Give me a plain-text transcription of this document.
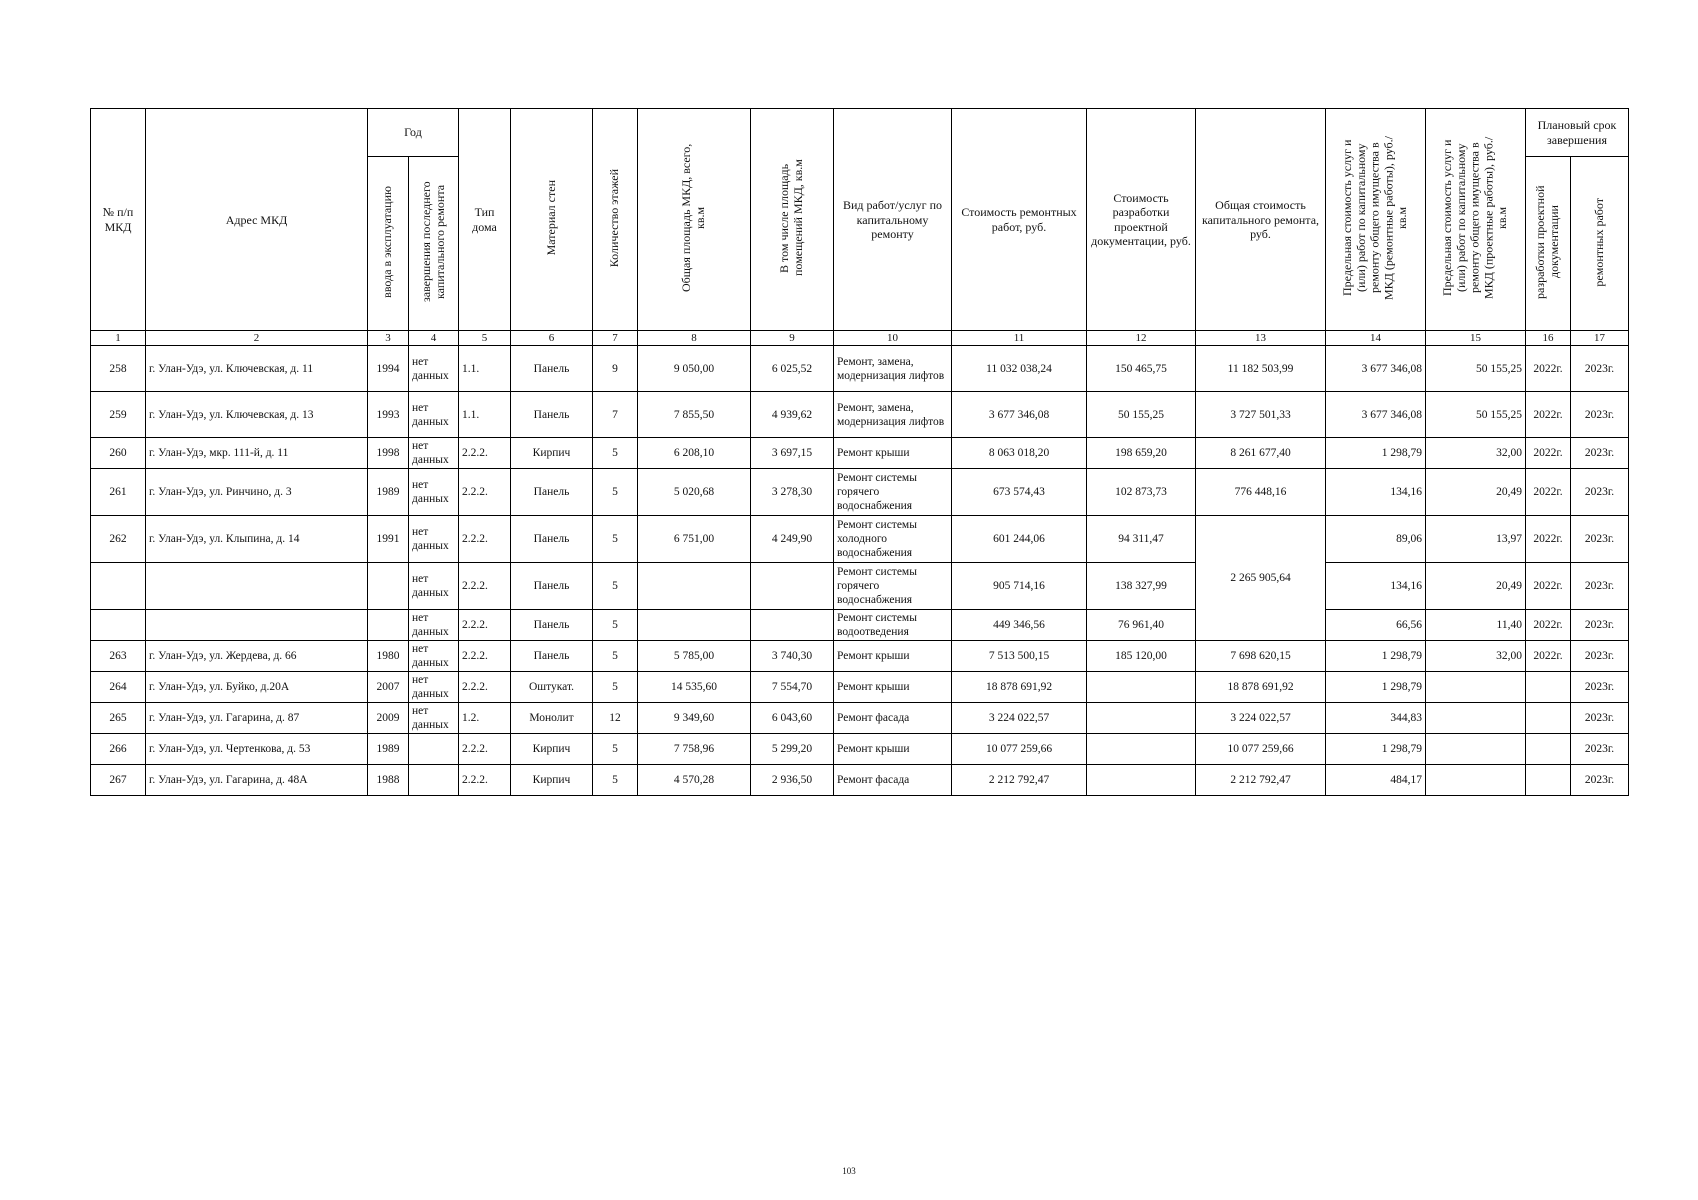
№ п/п МКД	Адрес МКД	Год		Тип дома	Материал стен	Количество этажей	Общая площадь МКД, всего, кв.м	В том числе площадь помещений МКД, кв.м	Вид работ/услуг по капитальному ремонту	Стоимость ремонтных работ, руб.	Стоимость разработки проектной документации, руб.	Общая стоимость капитального ремонта, руб.	Предельная стоимость услуг и (или) работ по капитальному ремонту общего имущества в МКД (ремонтные работы), руб./кв.м	Предельная стоимость услуг и (или) работ по капитальному ремонту общего имущества в МКД (проектные работы), руб./кв.м	Плановый срок завершения	
		ввода в эксплуатацию	завершения последнего капитального ремонта												разработки проектной документации	ремонтных работ
1	2	3	4	5	6	7	8	9	10	11	12	13	14	15	16	17
258	г. Улан-Удэ, ул. Ключевская, д. 11	1994	нет данных	1.1.	Панель	9	9 050,00	6 025,52	Ремонт, замена, модернизация лифтов	11 032 038,24	150 465,75	11 182 503,99	3 677 346,08	50 155,25	2022г.	2023г.
259	г. Улан-Удэ, ул. Ключевская, д. 13	1993	нет данных	1.1.	Панель	7	7 855,50	4 939,62	Ремонт, замена, модернизация лифтов	3 677 346,08	50 155,25	3 727 501,33	3 677 346,08	50 155,25	2022г.	2023г.
260	г. Улан-Удэ, мкр. 111-й, д. 11	1998	нет данных	2.2.2.	Кирпич	5	6 208,10	3 697,15	Ремонт крыши	8 063 018,20	198 659,20	8 261 677,40	1 298,79	32,00	2022г.	2023г.
261	г. Улан-Удэ, ул. Ринчино, д. 3	1989	нет данных	2.2.2.	Панель	5	5 020,68	3 278,30	Ремонт системы горячего водоснабжения	673 574,43	102 873,73	776 448,16	134,16	20,49	2022г.	2023г.
262	г. Улан-Удэ, ул. Клыпина, д. 14	1991	нет данных	2.2.2.	Панель	5	6 751,00	4 249,90	Ремонт системы холодного водоснабжения	601 244,06	94 311,47	2 265 905,64	89,06	13,97	2022г.	2023г.
			нет данных	2.2.2.	Панель	5			Ремонт системы горячего водоснабжения	905 714,16	138 327,99		134,16	20,49	2022г.	2023г.
			нет данных	2.2.2.	Панель	5			Ремонт системы водоотведения	449 346,56	76 961,40		66,56	11,40	2022г.	2023г.
263	г. Улан-Удэ, ул. Жердева, д. 66	1980	нет данных	2.2.2.	Панель	5	5 785,00	3 740,30	Ремонт крыши	7 513 500,15	185 120,00	7 698 620,15	1 298,79	32,00	2022г.	2023г.
264	г. Улан-Удэ, ул. Буйко, д.20А	2007	нет данных	2.2.2.	Оштукат.	5	14 535,60	7 554,70	Ремонт крыши	18 878 691,92		18 878 691,92	1 298,79			2023г.
265	г. Улан-Удэ, ул. Гагарина, д. 87	2009	нет данных	1.2.	Монолит	12	9 349,60	6 043,60	Ремонт фасада	3 224 022,57		3 224 022,57	344,83			2023г.
266	г. Улан-Удэ, ул. Чертенкова, д. 53	1989		2.2.2.	Кирпич	5	7 758,96	5 299,20	Ремонт крыши	10 077 259,66		10 077 259,66	1 298,79			2023г.
267	г. Улан-Удэ, ул. Гагарина, д. 48А	1988		2.2.2.	Кирпич	5	4 570,28	2 936,50	Ремонт фасада	2 212 792,47		2 212 792,47	484,17			2023г.
103
